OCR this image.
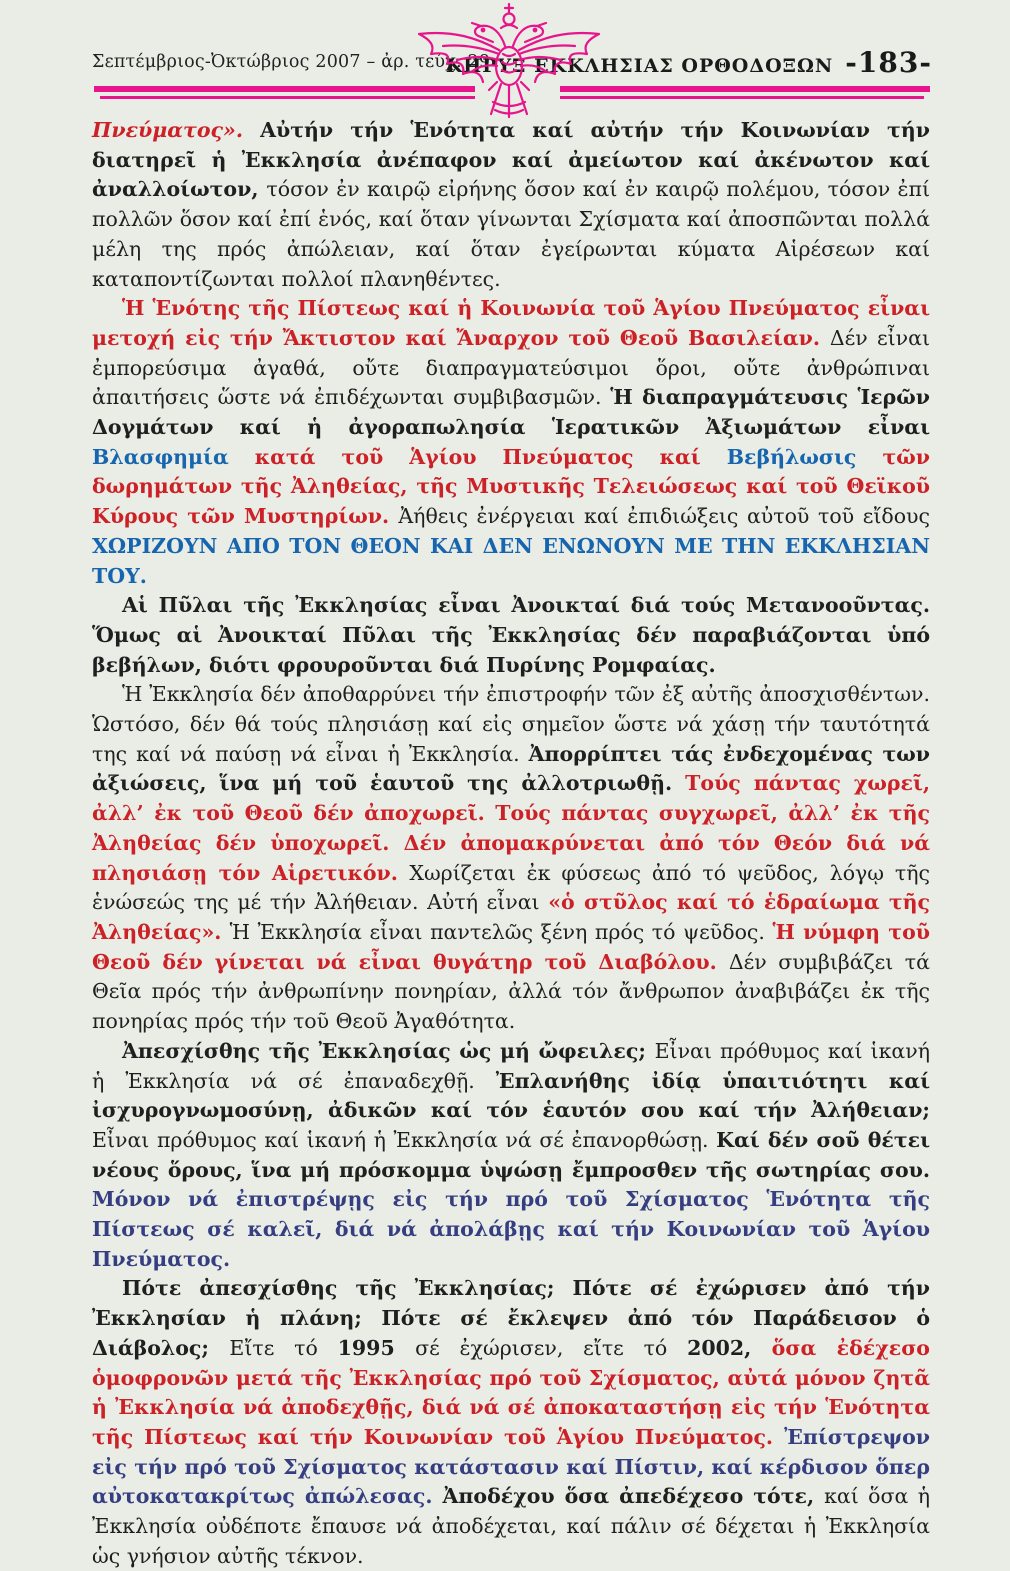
Σεπτέμβριος-Ὀκτώβριος 2007 – ἀρ. τεύχ. 29
ΚΗΡΥΞ ΕΚΚΛΗΣΙΑΣ ΟΡΘΟΔΟΞΩΝ -183-

Πνεύματος». Αὐτήν τήν Ἑνότητα καί αὐτήν τήν Κοινωνίαν τήν διατηρεῖ ἡ Ἐκκλησία ἀνέπαφον καί ἀμείωτον καί ἀκένωτον καί ἀναλλοίωτον, τόσον ἐν καιρῷ εἰρήνης ὅσον καί ἐν καιρῷ πολέμου, τόσον ἐπί πολλῶν ὅσον καί ἐπί ἑνός, καί ὅταν γίνωνται Σχίσματα καί ἀποσπῶνται πολλά μέλη της πρός ἀπώλειαν, καί ὅταν ἐγείρωνται κύματα Αἱρέσεων καί καταποντίζωνται πολλοί πλανηθέντες.

Ἡ Ἑνότης τῆς Πίστεως καί ἡ Κοινωνία τοῦ Ἁγίου Πνεύματος εἶναι μετοχή εἰς τήν Ἄκτιστον καί Ἄναρχον τοῦ Θεοῦ Βασιλείαν. Δέν εἶναι ἐμπορεύσιμα ἀγαθά, οὔτε διαπραγματεύσιμοι ὅροι, οὔτε ἀνθρώπιναι ἀπαιτήσεις ὥστε νά ἐπιδέχωνται συμβιβασμῶν. Ἡ διαπραγμάτευσις Ἱερῶν Δογμάτων καί ἡ ἀγοραπωλησία Ἱερατικῶν Ἀξιωμάτων εἶναι Βλασφημία κατά τοῦ Ἁγίου Πνεύματος καί Βεβήλωσις τῶν δωρημάτων τῆς Ἀληθείας, τῆς Μυστικῆς Τελειώσεως καί τοῦ Θεϊκοῦ Κύρους τῶν Μυστηρίων. Ἀήθεις ἐνέργειαι καί ἐπιδιώξεις αὐτοῦ τοῦ εἴδους ΧΩΡΙΖΟΥΝ ΑΠΟ ΤΟΝ ΘΕΟΝ ΚΑΙ ΔΕΝ ΕΝΩΝΟΥΝ ΜΕ ΤΗΝ ΕΚΚΛΗΣΙΑΝ ΤΟΥ.

Αἱ Πῦλαι τῆς Ἐκκλησίας εἶναι Ἀνοικταί διά τούς Μετανοοῦντας. Ὅμως αἱ Ἀνοικταί Πῦλαι τῆς Ἐκκλησίας δέν παραβιάζονται ὑπό βεβήλων, διότι φρουροῦνται διά Πυρίνης Ρομφαίας.

Ἡ Ἐκκλησία δέν ἀποθαρρύνει τήν ἐπιστροφήν τῶν ἐξ αὐτῆς ἀποσχισθέντων. Ὡστόσο, δέν θά τούς πλησιάσῃ καί εἰς σημεῖον ὥστε νά χάσῃ τήν ταυτότητά της καί νά παύσῃ νά εἶναι ἡ Ἐκκλησία. Ἀπορρίπτει τάς ἐνδεχομένας των ἀξιώσεις, ἵνα μή τοῦ ἑαυτοῦ της ἀλλοτριωθῇ. Τούς πάντας χωρεῖ, ἀλλ’ ἐκ τοῦ Θεοῦ δέν ἀποχωρεῖ. Τούς πάντας συγχωρεῖ, ἀλλ’ ἐκ τῆς Ἀληθείας δέν ὑποχωρεῖ. Δέν ἀπομακρύνεται ἀπό τόν Θεόν διά νά πλησιάσῃ τόν Αἱρετικόν. Χωρίζεται ἐκ φύσεως ἀπό τό ψεῦδος, λόγῳ τῆς ἑνώσεώς της μέ τήν Ἀλήθειαν. Αὐτή εἶναι «ὁ στῦλος καί τό ἑδραίωμα τῆς Ἀληθείας». Ἡ Ἐκκλησία εἶναι παντελῶς ξένη πρός τό ψεῦδος. Ἡ νύμφη τοῦ Θεοῦ δέν γίνεται νά εἶναι θυγάτηρ τοῦ Διαβόλου. Δέν συμβιβάζει τά Θεῖα πρός τήν ἀνθρωπίνην πονηρίαν, ἀλλά τόν ἄνθρωπον ἀναβιβάζει ἐκ τῆς πονηρίας πρός τήν τοῦ Θεοῦ Ἀγαθότητα.

Ἀπεσχίσθης τῆς Ἐκκλησίας ὡς μή ὤφειλες; Εἶναι πρόθυμος καί ἱκανή ἡ Ἐκκλησία νά σέ ἐπαναδεχθῇ. Ἐπλανήθης ἰδίᾳ ὑπαιτιότητι καί ἰσχυρογνωμοσύνῃ, ἀδικῶν καί τόν ἑαυτόν σου καί τήν Ἀλήθειαν; Εἶναι πρόθυμος καί ἱκανή ἡ Ἐκκλησία νά σέ ἐπανορθώσῃ. Καί δέν σοῦ θέτει νέους ὅρους, ἵνα μή πρόσκομμα ὑψώσῃ ἔμπροσθεν τῆς σωτηρίας σου. Μόνον νά ἐπιστρέψῃς εἰς τήν πρό τοῦ Σχίσματος Ἑνότητα τῆς Πίστεως σέ καλεῖ, διά νά ἀπολάβῃς καί τήν Κοινωνίαν τοῦ Ἁγίου Πνεύματος.

Πότε ἀπεσχίσθης τῆς Ἐκκλησίας; Πότε σέ ἐχώρισεν ἀπό τήν Ἐκκλησίαν ἡ πλάνη; Πότε σέ ἔκλεψεν ἀπό τόν Παράδεισον ὁ Διάβολος; Εἴτε τό 1995 σέ ἐχώρισεν, εἴτε τό 2002, ὅσα ἐδέχεσο ὁμοφρονῶν μετά τῆς Ἐκκλησίας πρό τοῦ Σχίσματος, αὐτά μόνον ζητᾶ ἡ Ἐκκλησία νά ἀποδεχθῇς, διά νά σέ ἀποκαταστήσῃ εἰς τήν Ἑνότητα τῆς Πίστεως καί τήν Κοινωνίαν τοῦ Ἁγίου Πνεύματος. Ἐπίστρεψον εἰς τήν πρό τοῦ Σχίσματος κατάστασιν καί Πίστιν, καί κέρδισον ὅπερ αὐτοκατακρίτως ἀπώλεσας. Ἀποδέχου ὅσα ἀπεδέχεσο τότε, καί ὅσα ἡ Ἐκκλησία οὐδέποτε ἔπαυσε νά ἀποδέχεται, καί πάλιν σέ δέχεται ἡ Ἐκκλησία ὡς γνήσιον αὐτῆς τέκνον.
